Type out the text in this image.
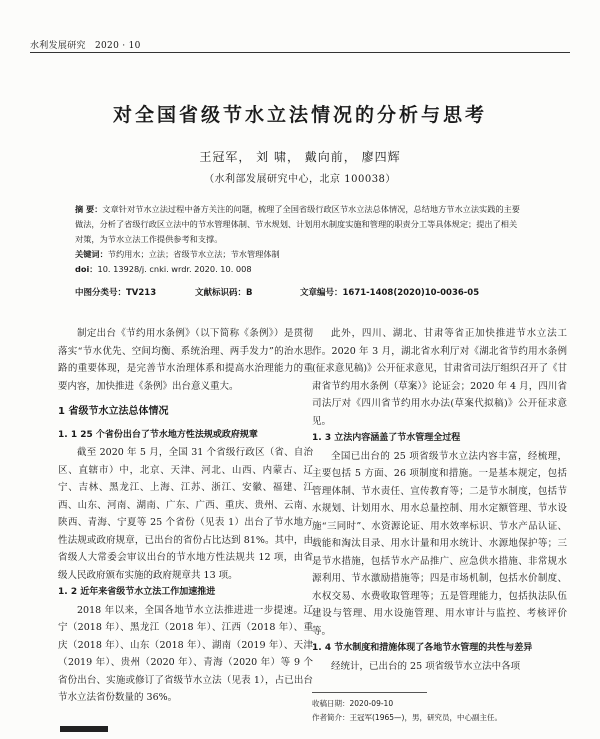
水利发展研究 2020 · 10
对全国省级节水立法情况的分析与思考
王冠军， 刘 啸， 戴向前， 廖四辉
（水利部发展研究中心，北京 100038）

摘 要：文章针对节水立法过程中备方关注的问题，梳理了全国省级行政区节水立法总体情况，总结地方节水立法实践的主要做法，分析了省级行政区立法中的节水管理体制、节水规划、计划用水制度实施和管理的职责分工等具体规定；提出了相关对策，为节水立法工作提供参考和支撑。

关键词：节约用水；立法；省级节水立法；节水管理体制

doi：10. 13928/j. cnki. wrdr. 2020. 10. 008

中图分类号：TV213	文献标识码：B	文章编号：1671-1408(2020)10-0036-05

制定出台《节约用水条例》（以下简称《条例》）是贯彻落实“节水优先、空间均衡、系统治理、两手发力”的治水思路的重要体现，是完善节水治理体系和提高水治理能力的重要内容，加快推进《条例》出台意义重大。

1 省级节水立法总体情况

1. 1 25 个省份出台了节水地方性法规或政府规章

截至 2020 年 5 月，全国 31 个省级行政区（省、自治区、直辖市）中，北京、天津、河北、山西、内蒙古、辽宁、吉林、黑龙江、上海、江苏、浙江、安徽、福建、江西、山东、河南、湖南、广东、广西、重庆、贵州、云南、陕西、青海、宁夏等 25 个省份（见表 1）出台了节水地方性法规或政府规章，已出台的省份占比达到 81%。其中，由省级人大常委会审议出台的节水地方性法规共 12 项，由省级人民政府颁布实施的政府规章共 13 项。

1. 2 近年来省级节水立法工作加速推进

2018 年以来，全国各地节水立法推进进一步提速。辽宁（2018 年）、黑龙江（2018 年）、江西（2018 年）、重庆（2018 年）、山东（2018 年）、湖南（2019 年）、天津（2019 年）、贵州（2020 年）、青海（2020 年）等 9 个省份出台、实施或修订了省级节水立法（见表 1），占已出台节水立法省份数量的 36%。

此外，四川、湖北、甘肃等省正加快推进节水立法工作。2020 年 3 月，湖北省水利厅对《湖北省节约用水条例(征求意见稿)》公开征求意见，甘肃省司法厅组织召开了《甘肃省节约用水条例（草案）》论证会；2020 年 4 月，四川省司法厅对《四川省节约用水办法(草案代拟稿)》公开征求意见。

1. 3 立法内容涵盖了节水管理全过程

全国已出台的 25 项省级节水立法内容丰富，经梳理，主要包括 5 方面、26 项制度和措施。一是基本规定，包括管理体制、节水责任、宣传教育等；二是节水制度，包括节水规划、计划用水、用水总量控制、用水定额管理、节水设施“三同时”、水资源论证、用水效率标识、节水产品认证、载能和淘汰目录、用水计量和用水统计、水源地保护等；三是节水措施，包括节水产品推广、应急供水措施、非常规水源利用、节水激励措施等；四是市场机制，包括水价制度、水权交易、水费收取管理等；五是管理能力，包括执法队伍建设与管理、用水设施管理、用水审计与监控、考核评价等。

1. 4 节水制度和措施体现了各地节水管理的共性与差异

经统计，已出台的 25 项省级节水立法中各项

收稿日期：2020-09-10
作者简介：王冠军(1965—)，男，研究员，中心副主任。
